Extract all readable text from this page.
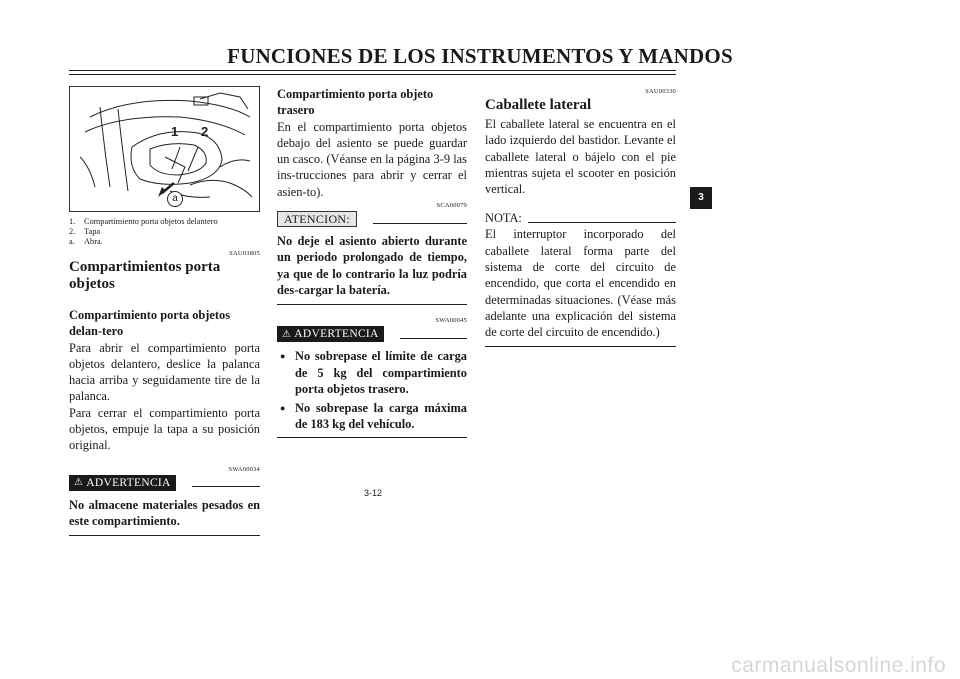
FUNCIONES DE LOS INSTRUMENTOS Y MANDOS
1 2
a
1. Compartimiento porta objetos delantero
2. Tapa
a. Abra.

SAU03805

Compartimientos porta objetos

Compartimiento porta objetos delan-tero

Para abrir el compartimiento porta objetos delantero, deslice la palanca hacia arriba y seguidamente tire de la palanca.

Para cerrar el compartimiento porta objetos, empuje la tapa a su posición original.

SWA00034

⚠ ADVERTENCIA

No almacene materiales pesados en este compartimiento.

Compartimiento porta objeto trasero

En el compartimiento porta objetos debajo del asiento se puede guardar un casco. (Véanse en la página 3-9 las ins-trucciones para abrir y cerrar el asien-to).

SCA00079

ATENCION:

No deje el asiento abierto durante un periodo prolongado de tiempo, ya que de lo contrario la luz podría des-cargar la batería.

SWA00045

⚠ ADVERTENCIA
● No sobrepase el límite de carga de 5 kg del compartimiento porta objetos trasero.
● No sobrepase la carga máxima de 183 kg del vehículo.

SAU00330

Caballete lateral

El caballete lateral se encuentra en el lado izquierdo del bastidor. Levante el caballete lateral o bájelo con el pie mientras sujeta el scooter en posición vertical.

NOTA:

El interruptor incorporado del caballete lateral forma parte del sistema de corte del circuito de encendido, que corta el encendido en determinadas situaciones. (Véase más adelante una explicación del sistema de corte del circuito de encendido.)

3-12
3
carmanualsonline.info
